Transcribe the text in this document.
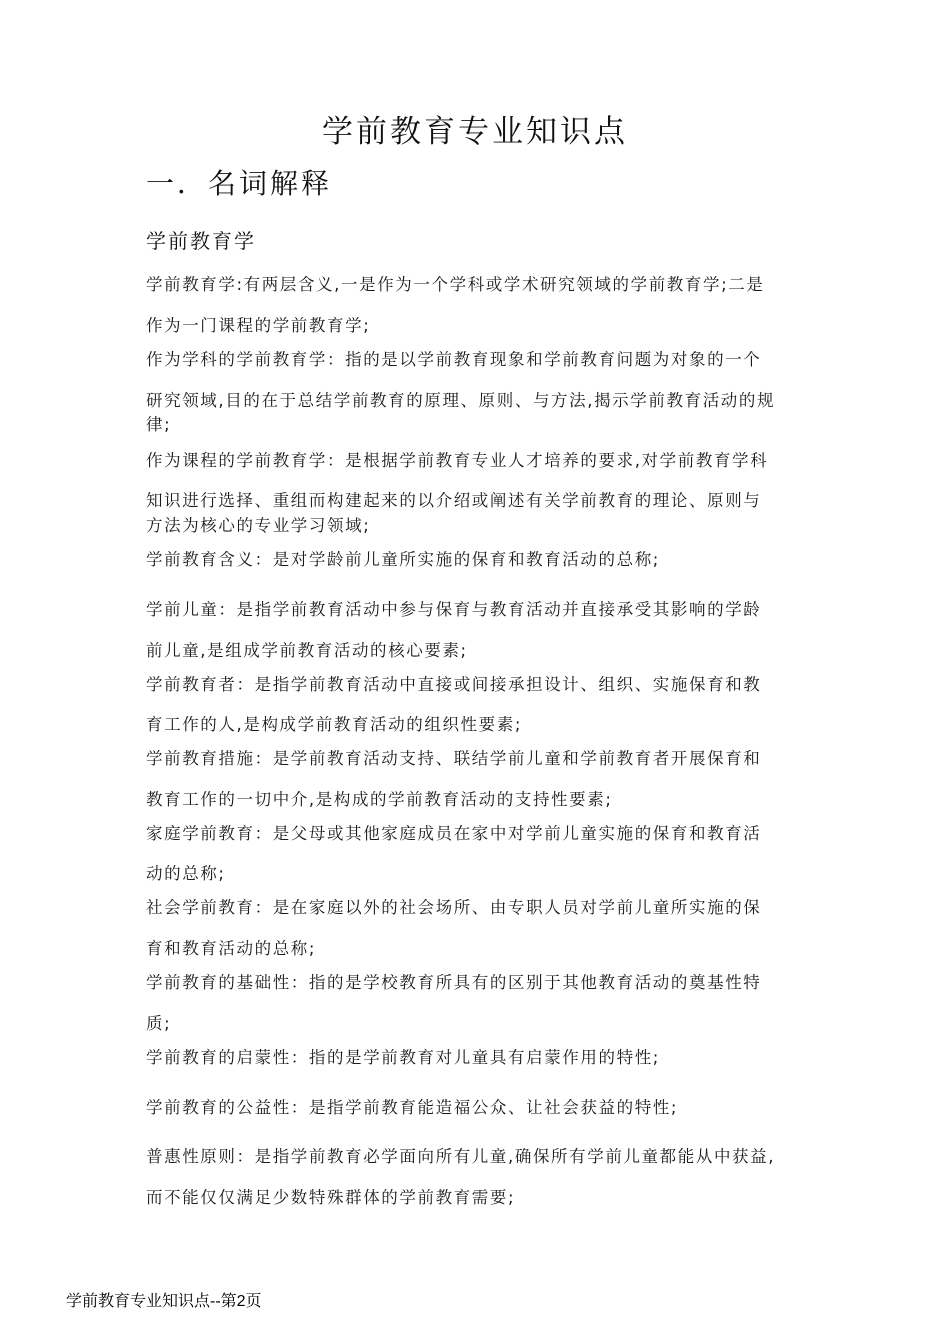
学前教育专业知识点
一．名词解释
学前教育学
学前教育学:有两层含义,一是作为一个学科或学术研究领域的学前教育学;二是
作为一门课程的学前教育学;
作为学科的学前教育学：指的是以学前教育现象和学前教育问题为对象的一个
研究领域,目的在于总结学前教育的原理、原则、与方法,揭示学前教育活动的规
律;
作为课程的学前教育学：是根据学前教育专业人才培养的要求,对学前教育学科
知识进行选择、重组而构建起来的以介绍或阐述有关学前教育的理论、原则与
方法为核心的专业学习领域;
学前教育含义：是对学龄前儿童所实施的保育和教育活动的总称;
学前儿童：是指学前教育活动中参与保育与教育活动并直接承受其影响的学龄
前儿童,是组成学前教育活动的核心要素;
学前教育者：是指学前教育活动中直接或间接承担设计、组织、实施保育和教
育工作的人,是构成学前教育活动的组织性要素;
学前教育措施：是学前教育活动支持、联结学前儿童和学前教育者开展保育和
教育工作的一切中介,是构成的学前教育活动的支持性要素;
家庭学前教育：是父母或其他家庭成员在家中对学前儿童实施的保育和教育活
动的总称;
社会学前教育：是在家庭以外的社会场所、由专职人员对学前儿童所实施的保
育和教育活动的总称;
学前教育的基础性：指的是学校教育所具有的区别于其他教育活动的奠基性特
质;
学前教育的启蒙性：指的是学前教育对儿童具有启蒙作用的特性;
学前教育的公益性：是指学前教育能造福公众、让社会获益的特性;
普惠性原则：是指学前教育必学面向所有儿童,确保所有学前儿童都能从中获益,
而不能仅仅满足少数特殊群体的学前教育需要;
学前教育专业知识点--第2页
